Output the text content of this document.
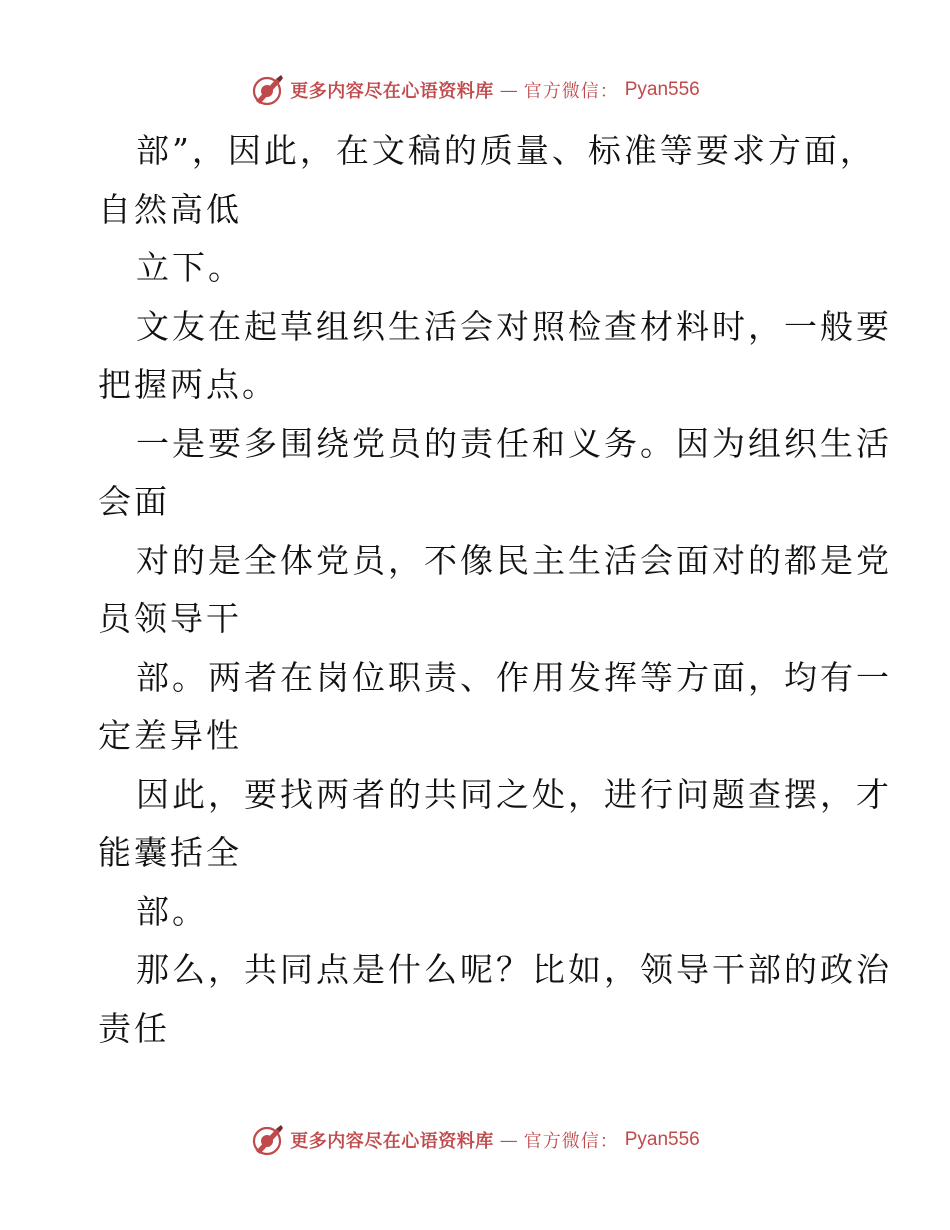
更多内容尽在心语资料库 — 官方微信： Pyan556
部”，因此，在文稿的质量、标准等要求方面，
自然高低
立下。
文友在起草组织生活会对照检查材料时，一般要
把握两点。
一是要多围绕党员的责任和义务。因为组织生活
会面
对的是全体党员，不像民主生活会面对的都是党
员领导干
部。两者在岗位职责、作用发挥等方面，均有一
定差异性
因此，要找两者的共同之处，进行问题查摆，才
能囊括全
部。
那么，共同点是什么呢？比如，领导干部的政治
责任
更多内容尽在心语资料库 — 官方微信： Pyan556
